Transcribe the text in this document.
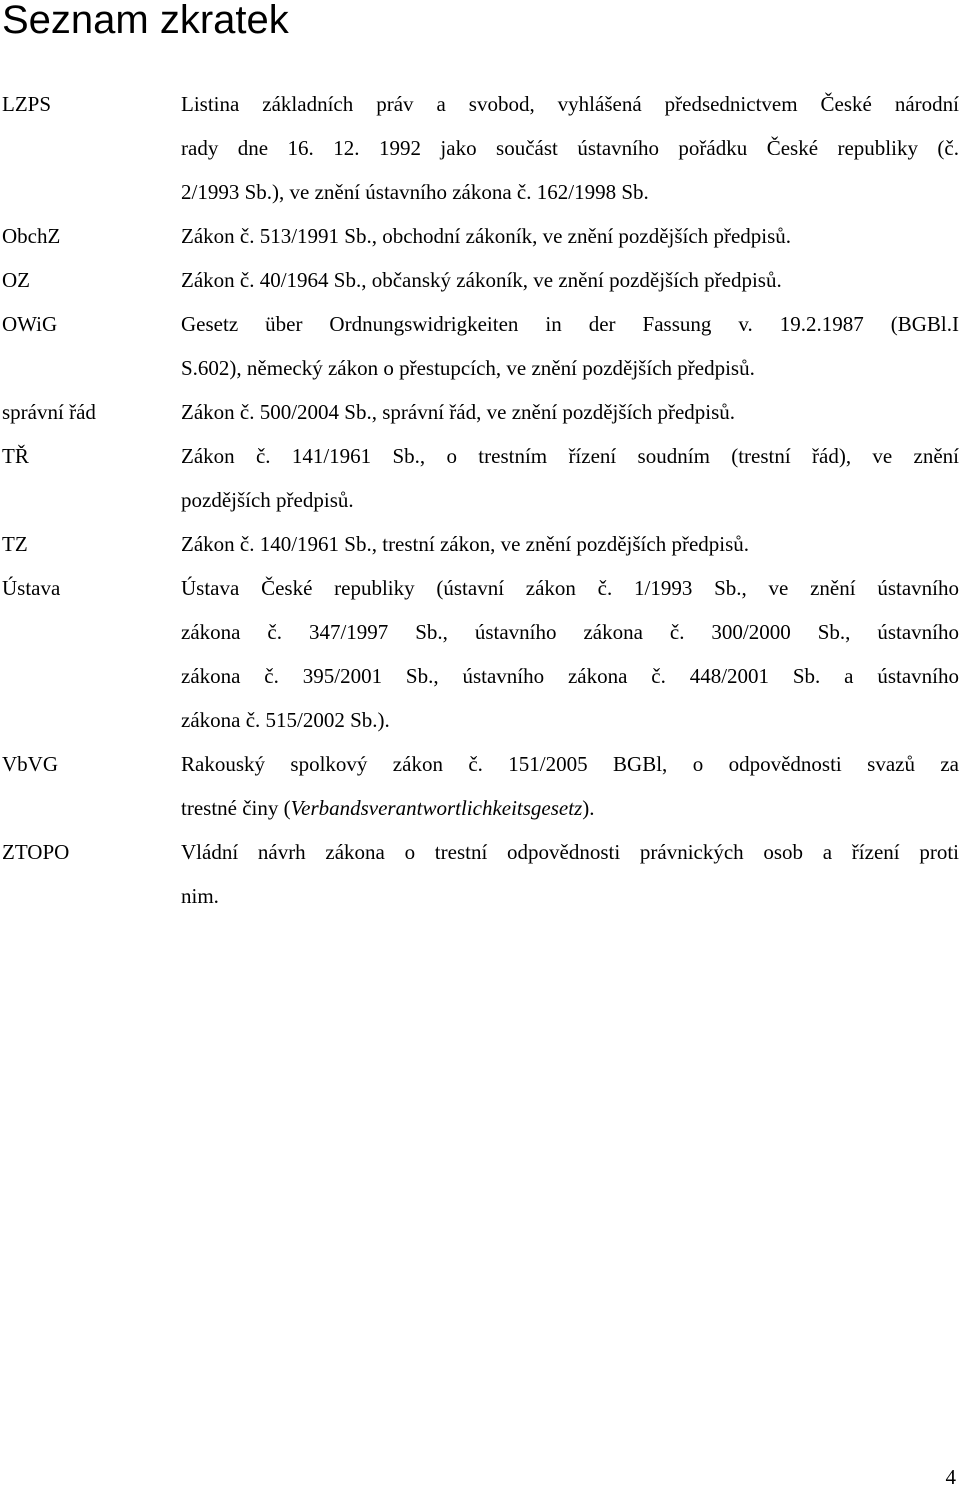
Seznam zkratek
LZPS	Listina základních práv a svobod, vyhlášená předsednictvem České národní
rady dne 16. 12. 1992 jako součást ústavního pořádku České republiky (č.
2/1993 Sb.), ve znění ústavního zákona č. 162/1998 Sb.
ObchZ	Zákon č. 513/1991 Sb., obchodní zákoník, ve znění pozdějších předpisů.
OZ	Zákon č. 40/1964 Sb., občanský zákoník, ve znění pozdějších předpisů.
OWiG	Gesetz über Ordnungswidrigkeiten in der Fassung v. 19.2.1987 (BGBl.I
S.602), německý zákon o přestupcích, ve znění pozdějších předpisů.
správní řád	Zákon č. 500/2004 Sb., správní řád, ve znění pozdějších předpisů.
TŘ	Zákon č. 141/1961 Sb., o trestním řízení soudním (trestní řád), ve znění
pozdějších předpisů.
TZ	Zákon č. 140/1961 Sb., trestní zákon, ve znění pozdějších předpisů.
Ústava	Ústava České republiky (ústavní zákon č. 1/1993 Sb., ve znění ústavního
zákona č. 347/1997 Sb., ústavního zákona č. 300/2000 Sb., ústavního
zákona č. 395/2001 Sb., ústavního zákona č. 448/2001 Sb. a ústavního
zákona č. 515/2002 Sb.).
VbVG	Rakouský spolkový zákon č. 151/2005 BGBl, o odpovědnosti svazů za
trestné činy (Verbandsverantwortlichkeitsgesetz).
ZTOPO	Vládní návrh zákona o trestní odpovědnosti právnických osob a řízení proti
nim.
4
